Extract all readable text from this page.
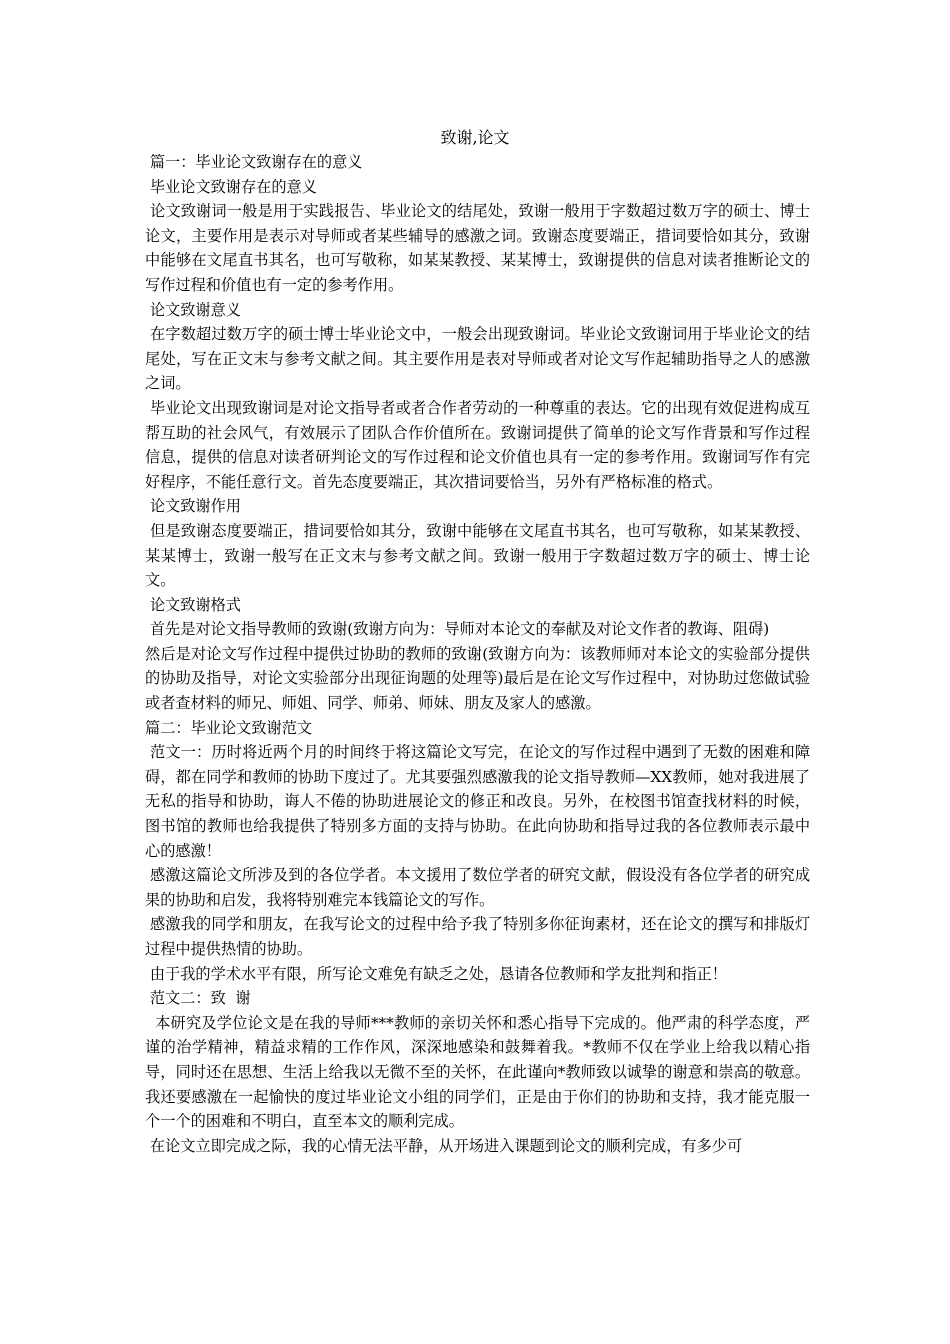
致谢,论文

篇一：毕业论文致谢存在的意义

毕业论文致谢存在的意义

论文致谢词一般是用于实践报告、毕业论文的结尾处，致谢一般用于字数超过数万字的硕士、博士论文，主要作用是表示对导师或者某些辅导的感激之词。致谢态度要端正，措词要恰如其分，致谢中能够在文尾直书其名，也可写敬称，如某某教授、某某博士，致谢提供的信息对读者推断论文的写作过程和价值也有一定的参考作用。

论文致谢意义

在字数超过数万字的硕士博士毕业论文中，一般会出现致谢词。毕业论文致谢词用于毕业论文的结尾处，写在正文末与参考文献之间。其主要作用是表对导师或者对论文写作起辅助指导之人的感激之词。

毕业论文出现致谢词是对论文指导者或者合作者劳动的一种尊重的表达。它的出现有效促进构成互帮互助的社会风气，有效展示了团队合作价值所在。致谢词提供了简单的论文写作背景和写作过程信息，提供的信息对读者研判论文的写作过程和论文价值也具有一定的参考作用。致谢词写作有完好程序，不能任意行文。首先态度要端正，其次措词要恰当，另外有严格标准的格式。

论文致谢作用

但是致谢态度要端正，措词要恰如其分，致谢中能够在文尾直书其名，也可写敬称，如某某教授、某某博士，致谢一般写在正文末与参考文献之间。致谢一般用于字数超过数万字的硕士、博士论文。

论文致谢格式

首先是对论文指导教师的致谢(致谢方向为：导师对本论文的奉献及对论文作者的教诲、阻碍)

然后是对论文写作过程中提供过协助的教师的致谢(致谢方向为：该教师师对本论文的实验部分提供的协助及指导，对论文实验部分出现征询题的处理等)最后是在论文写作过程中，对协助过您做试验或者查材料的师兄、师姐、同学、师弟、师妹、朋友及家人的感激。

篇二：毕业论文致谢范文

范文一：历时将近两个月的时间终于将这篇论文写完，在论文的写作过程中遇到了无数的困难和障碍，都在同学和教师的协助下度过了。尤其要强烈感激我的论文指导教师—XX教师，她对我进展了无私的指导和协助，诲人不倦的协助进展论文的修正和改良。另外，在校图书馆查找材料的时候，图书馆的教师也给我提供了特别多方面的支持与协助。在此向协助和指导过我的各位教师表示最中心的感激！

感激这篇论文所涉及到的各位学者。本文援用了数位学者的研究文献，假设没有各位学者的研究成果的协助和启发，我将特别难完本钱篇论文的写作。

感激我的同学和朋友，在我写论文的过程中给予我了特别多你征询素材，还在论文的撰写和排版灯过程中提供热情的协助。

由于我的学术水平有限，所写论文难免有缺乏之处，恳请各位教师和学友批判和指正！

范文二：致  谢

本研究及学位论文是在我的导师***教师的亲切关怀和悉心指导下完成的。他严肃的科学态度，严谨的治学精神，精益求精的工作作风，深深地感染和鼓舞着我。*教师不仅在学业上给我以精心指导，同时还在思想、生活上给我以无微不至的关怀，在此谨向*教师致以诚挚的谢意和崇高的敬意。我还要感激在一起愉快的度过毕业论文小组的同学们，正是由于你们的协助和支持，我才能克服一个一个的困难和不明白，直至本文的顺利完成。

在论文立即完成之际，我的心情无法平静，从开场进入课题到论文的顺利完成，有多少可
